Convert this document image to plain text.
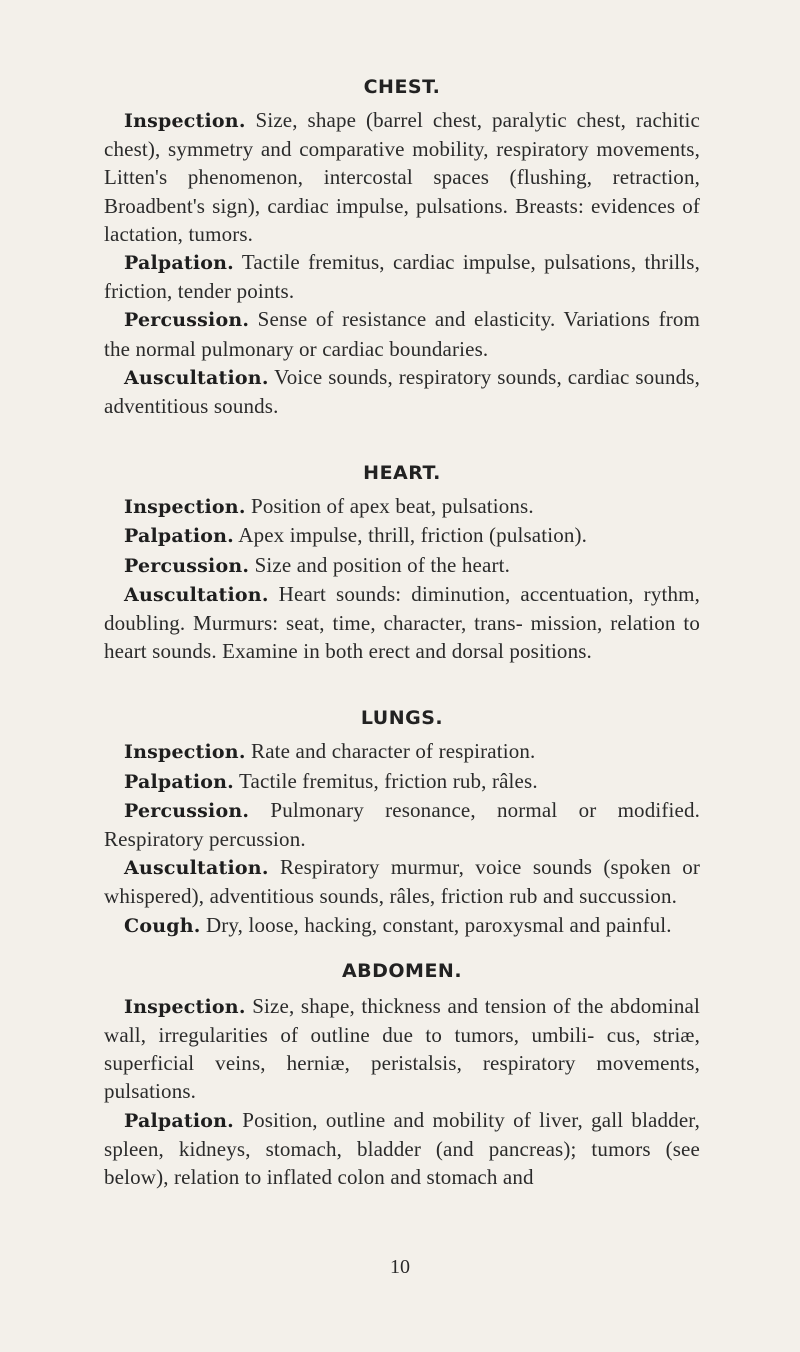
CHEST.

Inspection. Size, shape (barrel chest, paralytic chest, rachitic chest), symmetry and comparative mobility, respiratory movements, Litten's phenomenon, intercostal spaces (flushing, retraction, Broadbent's sign), cardiac impulse, pulsations. Breasts: evidences of lactation, tumors.

Palpation. Tactile fremitus, cardiac impulse, pulsations, thrills, friction, tender points.

Percussion. Sense of resistance and elasticity. Variations from the normal pulmonary or cardiac boundaries.

Auscultation. Voice sounds, respiratory sounds, cardiac sounds, adventitious sounds.

HEART.

Inspection. Position of apex beat, pulsations.

Palpation. Apex impulse, thrill, friction (pulsation).

Percussion. Size and position of the heart.

Auscultation. Heart sounds: diminution, accentuation, rythm, doubling. Murmurs: seat, time, character, trans- mission, relation to heart sounds. Examine in both erect and dorsal positions.

LUNGS.

Inspection. Rate and character of respiration.

Palpation. Tactile fremitus, friction rub, râles.

Percussion. Pulmonary resonance, normal or modified. Respiratory percussion.

Auscultation. Respiratory murmur, voice sounds (spoken or whispered), adventitious sounds, râles, friction rub and succussion.

Cough. Dry, loose, hacking, constant, paroxysmal and painful.

ABDOMEN.

Inspection. Size, shape, thickness and tension of the abdominal wall, irregularities of outline due to tumors, umbili- cus, striæ, superficial veins, herniæ, peristalsis, respiratory movements, pulsations.

Palpation. Position, outline and mobility of liver, gall bladder, spleen, kidneys, stomach, bladder (and pancreas); tumors (see below), relation to inflated colon and stomach and

10
